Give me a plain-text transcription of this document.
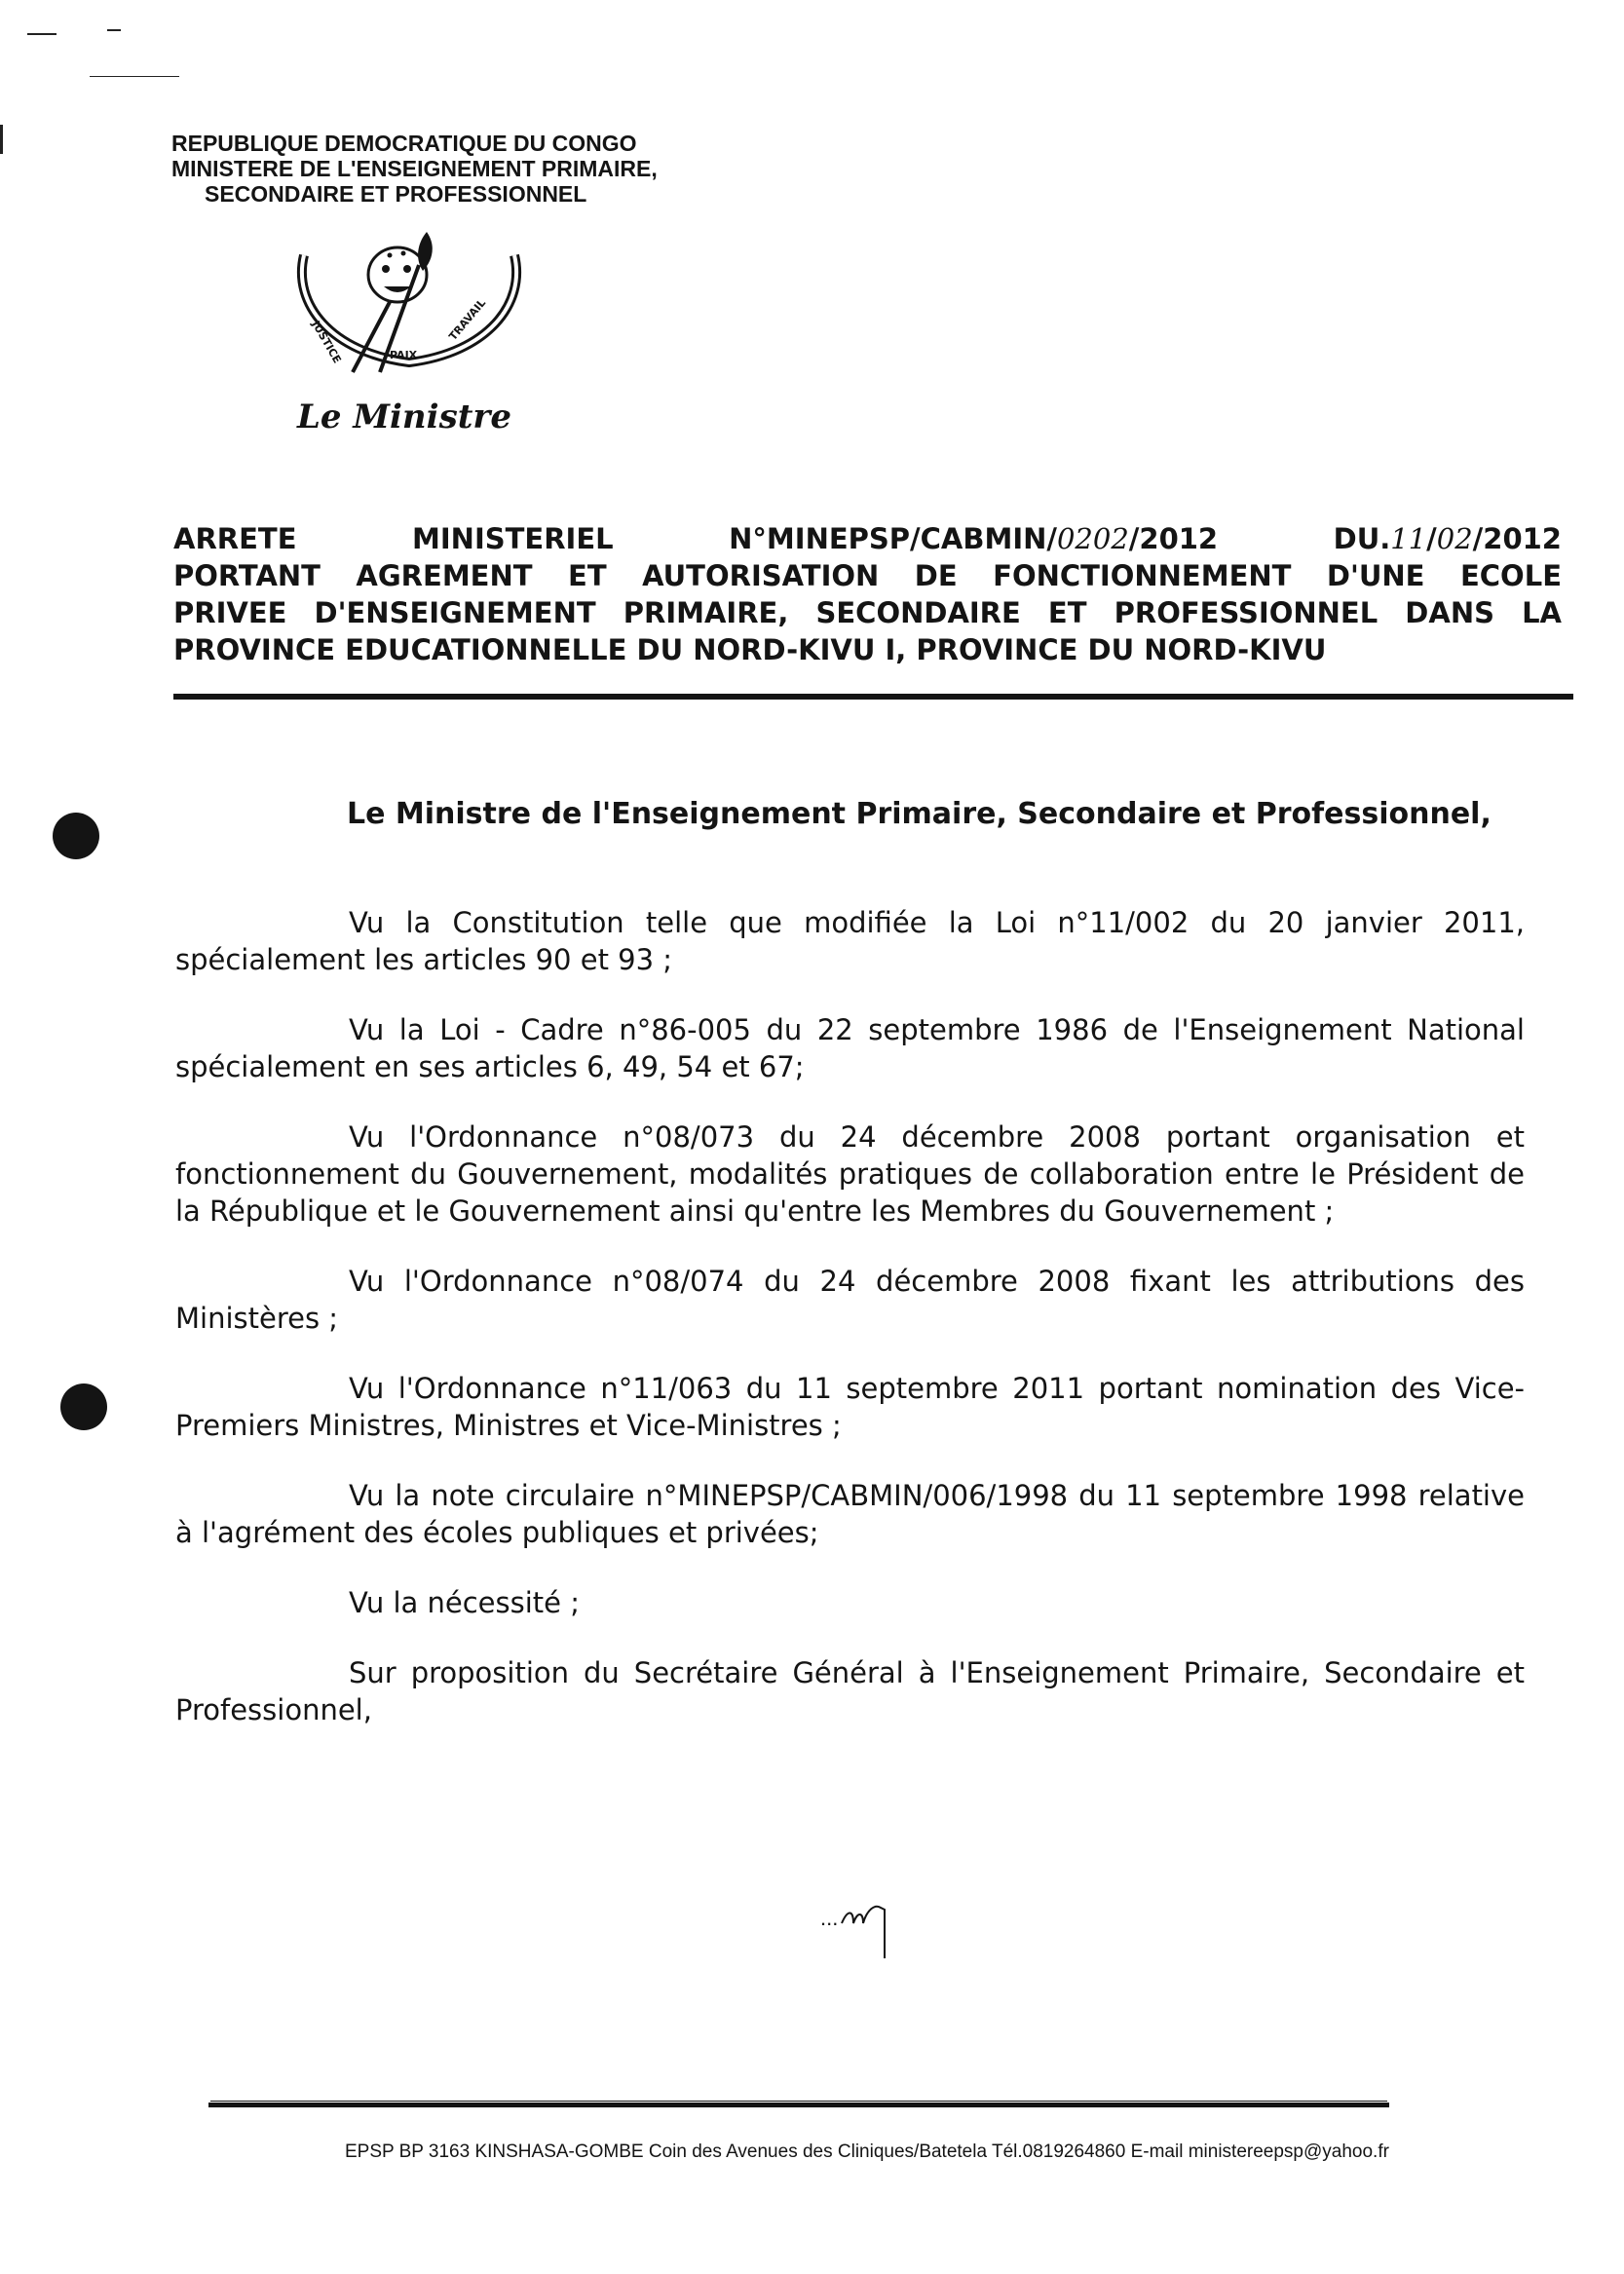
REPUBLIQUE DEMOCRATIQUE DU CONGO
MINISTERE DE L'ENSEIGNEMENT PRIMAIRE,
SECONDAIRE ET PROFESSIONNEL
JUSTICE	PAIX
TRAVAIL
Le Ministre
ARRETE	MINISTERIEL	N°MINEPSP/CABMIN/0202/2012	DU.11/02/2012
PORTANT AGREMENT ET AUTORISATION DE FONCTIONNEMENT D'UNE ECOLE
PRIVEE D'ENSEIGNEMENT PRIMAIRE, SECONDAIRE ET PROFESSIONNEL DANS LA
PROVINCE EDUCATIONNELLE DU NORD-KIVU I, PROVINCE DU NORD-KIVU
Le Ministre de l'Enseignement Primaire, Secondaire et Professionnel,

Vu la Constitution telle que modifiée la Loi n°11/002 du 20 janvier 2011, spécialement les articles 90 et 93 ;

Vu la Loi - Cadre n°86-005 du 22 septembre 1986 de l'Enseignement National spécialement en ses articles 6, 49, 54 et 67;

Vu l'Ordonnance n°08/073 du 24 décembre 2008 portant organisation et fonctionnement du Gouvernement, modalités pratiques de collaboration entre le Président de la République et le Gouvernement ainsi qu'entre les Membres du Gouvernement ;

Vu l'Ordonnance n°08/074 du 24 décembre 2008 fixant les attributions des Ministères ;

Vu l'Ordonnance n°11/063 du 11 septembre 2011 portant nomination des Vice-Premiers Ministres, Ministres et Vice-Ministres ;

Vu la note circulaire n°MINEPSP/CABMIN/006/1998 du 11 septembre 1998 relative à l'agrément des écoles publiques et privées;

Vu la nécessité ;

Sur proposition du Secrétaire Général à l'Enseignement Primaire, Secondaire et Professionnel,

...
EPSP BP 3163 KINSHASA-GOMBE Coin des Avenues des Cliniques/Batetela Tél.0819264860 E-mail ministereepsp@yahoo.fr
